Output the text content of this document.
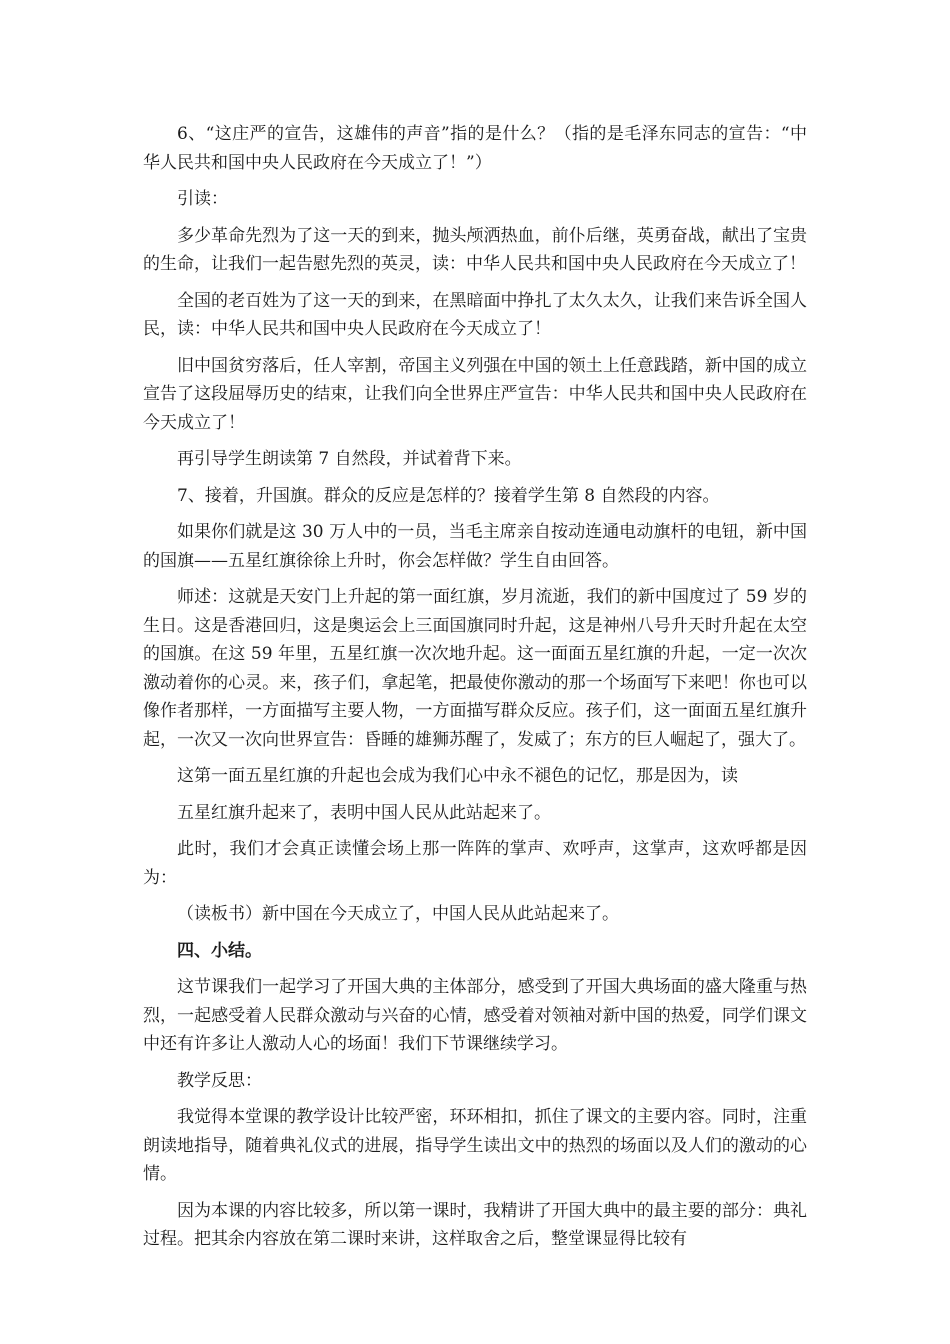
6、“这庄严的宣告，这雄伟的声音”指的是什么？（指的是毛泽东同志的宣告：“中华人民共和国中央人民政府在今天成立了！”）

引读：

多少革命先烈为了这一天的到来，抛头颅洒热血，前仆后继，英勇奋战，献出了宝贵的生命，让我们一起告慰先烈的英灵，读：中华人民共和国中央人民政府在今天成立了！

全国的老百姓为了这一天的到来，在黑暗面中挣扎了太久太久，让我们来告诉全国人民，读：中华人民共和国中央人民政府在今天成立了！

旧中国贫穷落后，任人宰割，帝国主义列强在中国的领土上任意践踏，新中国的成立宣告了这段屈辱历史的结束，让我们向全世界庄严宣告：中华人民共和国中央人民政府在今天成立了！

再引导学生朗读第 7 自然段，并试着背下来。

7、接着，升国旗。群众的反应是怎样的？接着学生第 8 自然段的内容。

如果你们就是这 30 万人中的一员，当毛主席亲自按动连通电动旗杆的电钮，新中国的国旗——五星红旗徐徐上升时，你会怎样做？学生自由回答。

师述：这就是天安门上升起的第一面红旗，岁月流逝，我们的新中国度过了 59 岁的生日。这是香港回归，这是奥运会上三面国旗同时升起，这是神州八号升天时升起在太空的国旗。在这 59 年里，五星红旗一次次地升起。这一面面五星红旗的升起，一定一次次激动着你的心灵。来，孩子们，拿起笔，把最使你激动的那一个场面写下来吧！你也可以像作者那样，一方面描写主要人物，一方面描写群众反应。孩子们，这一面面五星红旗升起，一次又一次向世界宣告：昏睡的雄狮苏醒了，发威了；东方的巨人崛起了，强大了。

这第一面五星红旗的升起也会成为我们心中永不褪色的记忆，那是因为，读

五星红旗升起来了，表明中国人民从此站起来了。

此时，我们才会真正读懂会场上那一阵阵的掌声、欢呼声，这掌声，这欢呼都是因为：

（读板书）新中国在今天成立了，中国人民从此站起来了。

四、小结。

这节课我们一起学习了开国大典的主体部分，感受到了开国大典场面的盛大隆重与热烈，一起感受着人民群众激动与兴奋的心情，感受着对领袖对新中国的热爱，同学们课文中还有许多让人激动人心的场面！我们下节课继续学习。

教学反思：

我觉得本堂课的教学设计比较严密，环环相扣，抓住了课文的主要内容。同时，注重朗读地指导，随着典礼仪式的进展，指导学生读出文中的热烈的场面以及人们的激动的心情。

因为本课的内容比较多，所以第一课时，我精讲了开国大典中的最主要的部分：典礼过程。把其余内容放在第二课时来讲，这样取舍之后，整堂课显得比较有
